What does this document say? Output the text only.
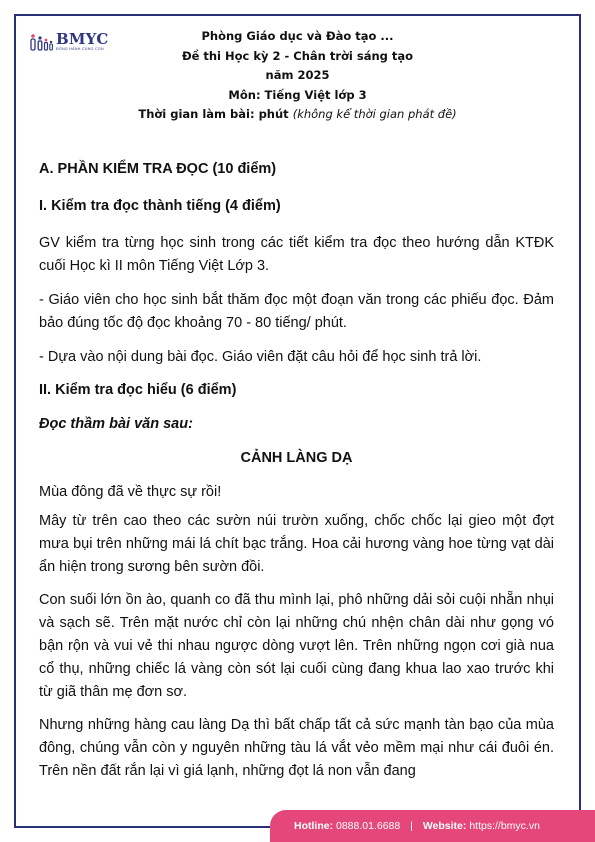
BMYC
ĐỒNG HÀNH CÙNG CON
Phòng Giáo dục và Đào tạo ...
Đề thi Học kỳ 2 - Chân trời sáng tạo
năm 2025
Môn: Tiếng Việt lớp 3
Thời gian làm bài: phút (không kể thời gian phát đề)

A. PHẦN KIỂM TRA ĐỌC (10 điểm)

I. Kiểm tra đọc thành tiếng (4 điểm)

GV kiểm tra từng học sinh trong các tiết kiểm tra đọc theo hướng dẫn KTĐK cuối Học kì II môn Tiếng Việt Lớp 3.

- Giáo viên cho học sinh bắt thăm đọc một đoạn văn trong các phiếu đọc. Đảm bảo đúng tốc độ đọc khoảng 70 - 80 tiếng/ phút.

- Dựa vào nội dung bài đọc. Giáo viên đặt câu hỏi để học sinh trả lời.

II. Kiểm tra đọc hiểu (6 điểm)

Đọc thầm bài văn sau:

CẢNH LÀNG DẠ

Mùa đông đã về thực sự rồi!

Mây từ trên cao theo các sườn núi trườn xuống, chốc chốc lại gieo một đợt mưa bụi trên những mái lá chít bạc trắng. Hoa cải hương vàng hoe từng vạt dài ẩn hiện trong sương bên sườn đồi.

Con suối lớn ồn ào, quanh co đã thu mình lại, phô những dải sỏi cuội nhẵn nhụi và sạch sẽ. Trên mặt nước chỉ còn lại những chú nhện chân dài như gọng vó bận rộn và vui vẻ thi nhau ngược dòng vượt lên. Trên những ngọn cơi già nua cổ thụ, những chiếc lá vàng còn sót lại cuối cùng đang khua lao xao trước khi từ giã thân mẹ đơn sơ.

Nhưng những hàng cau làng Dạ thì bất chấp tất cả sức mạnh tàn bạo của mùa đông, chúng vẫn còn y nguyên những tàu lá vắt vẻo mềm mại như cái đuôi én. Trên nền đất rắn lại vì giá lạnh, những đọt lá non vẫn đang

Hotline: 0888.01.6688 | Website: https://bmyc.vn
